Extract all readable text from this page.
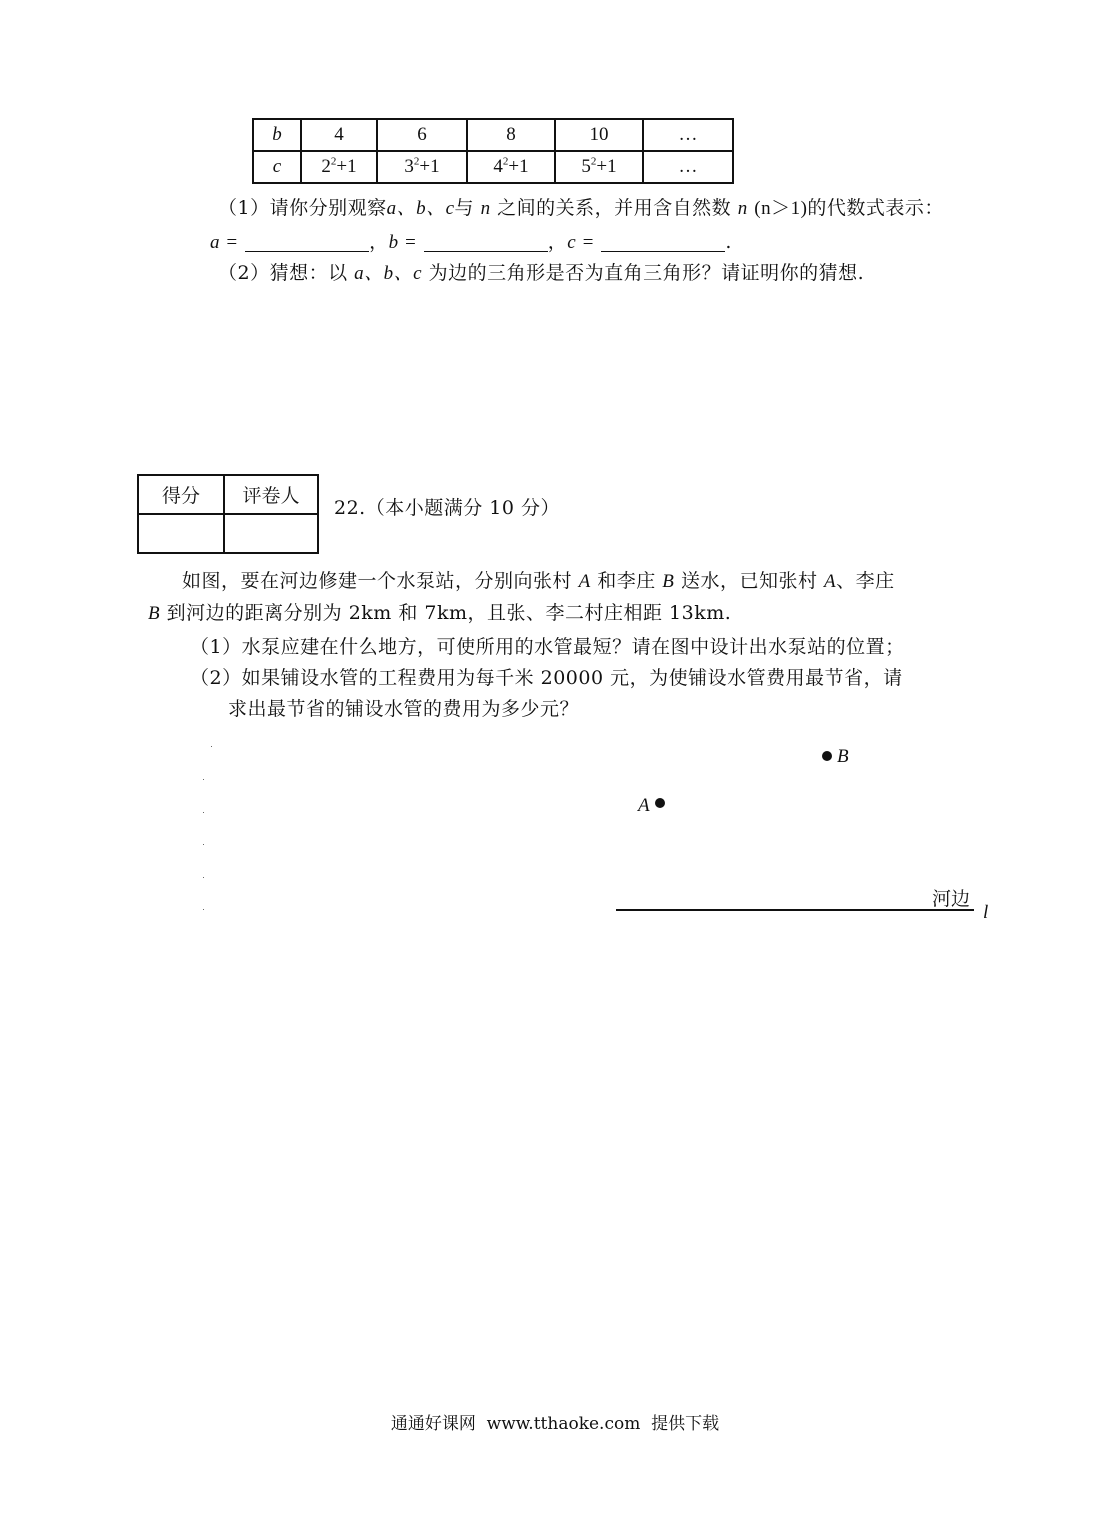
b	4	6	8	10	…
c	$2^2+1$	$3^2+1$	$4^2+1$	$5^2+1$	…
（1）请你分别观察a、b、c与 n 之间的关系，并用含自然数 n (n＞1)的代数式表示：
a =	，b =	，c =	.
（2）猜想：以 a、b、c 为边的三角形是否为直角三角形？请证明你的猜想.
得分	评卷人

22.（本小题满分 10 分）
如图，要在河边修建一个水泵站，分别向张村 A 和李庄 B 送水，已知张村 A、李庄
B 到河边的距离分别为 2km 和 7km，且张、李二村庄相距 13km.
（1）水泵应建在什么地方，可使所用的水管最短？请在图中设计出水泵站的位置；
（2）如果铺设水管的工程费用为每千米 20000 元，为使铺设水管费用最节省，请
求出最节省的铺设水管的费用为多少元？
B
A
河边
l
通通好课网  www.tthaoke.com  提供下载
